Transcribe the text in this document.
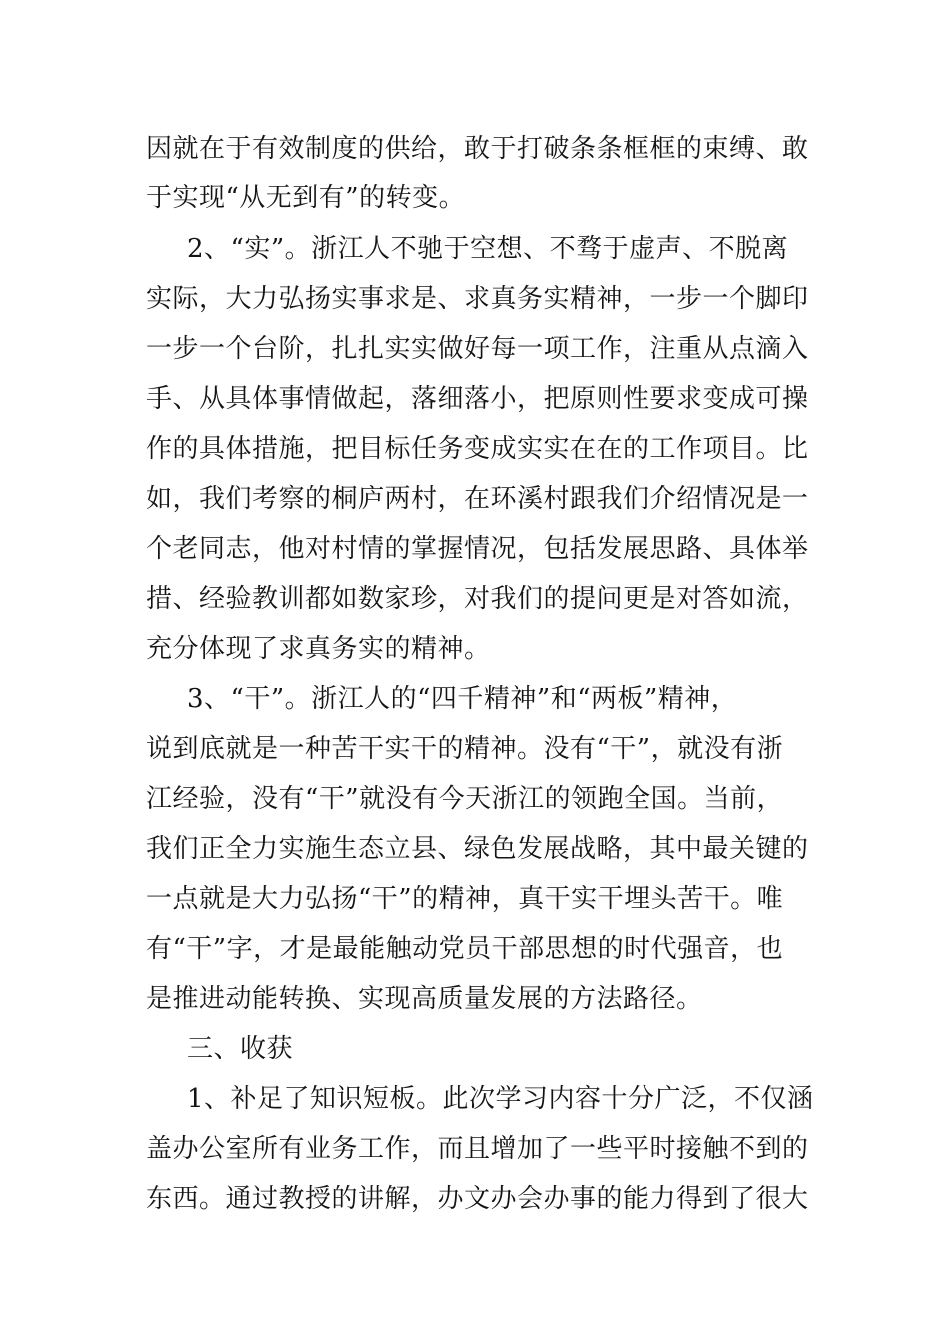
因就在于有效制度的供给，敢于打破条条框框的束缚、敢
于实现“从无到有”的转变。
2、“实”。浙江人不驰于空想、不骛于虚声、不脱离
实际，大力弘扬实事求是、求真务实精神，一步一个脚印
一步一个台阶，扎扎实实做好每一项工作，注重从点滴入
手、从具体事情做起，落细落小，把原则性要求变成可操
作的具体措施，把目标任务变成实实在在的工作项目。比
如，我们考察的桐庐两村，在环溪村跟我们介绍情况是一
个老同志，他对村情的掌握情况，包括发展思路、具体举
措、经验教训都如数家珍，对我们的提问更是对答如流，
充分体现了求真务实的精神。
3、“干”。浙江人的“四千精神”和“两板”精神，
说到底就是一种苦干实干的精神。没有“干”，就没有浙
江经验，没有“干”就没有今天浙江的领跑全国。当前，
我们正全力实施生态立县、绿色发展战略，其中最关键的
一点就是大力弘扬“干”的精神，真干实干埋头苦干。唯
有“干”字，才是最能触动党员干部思想的时代强音，也
是推进动能转换、实现高质量发展的方法路径。
三、收获
1、补足了知识短板。此次学习内容十分广泛，不仅涵
盖办公室所有业务工作，而且增加了一些平时接触不到的
东西。通过教授的讲解，办文办会办事的能力得到了很大
